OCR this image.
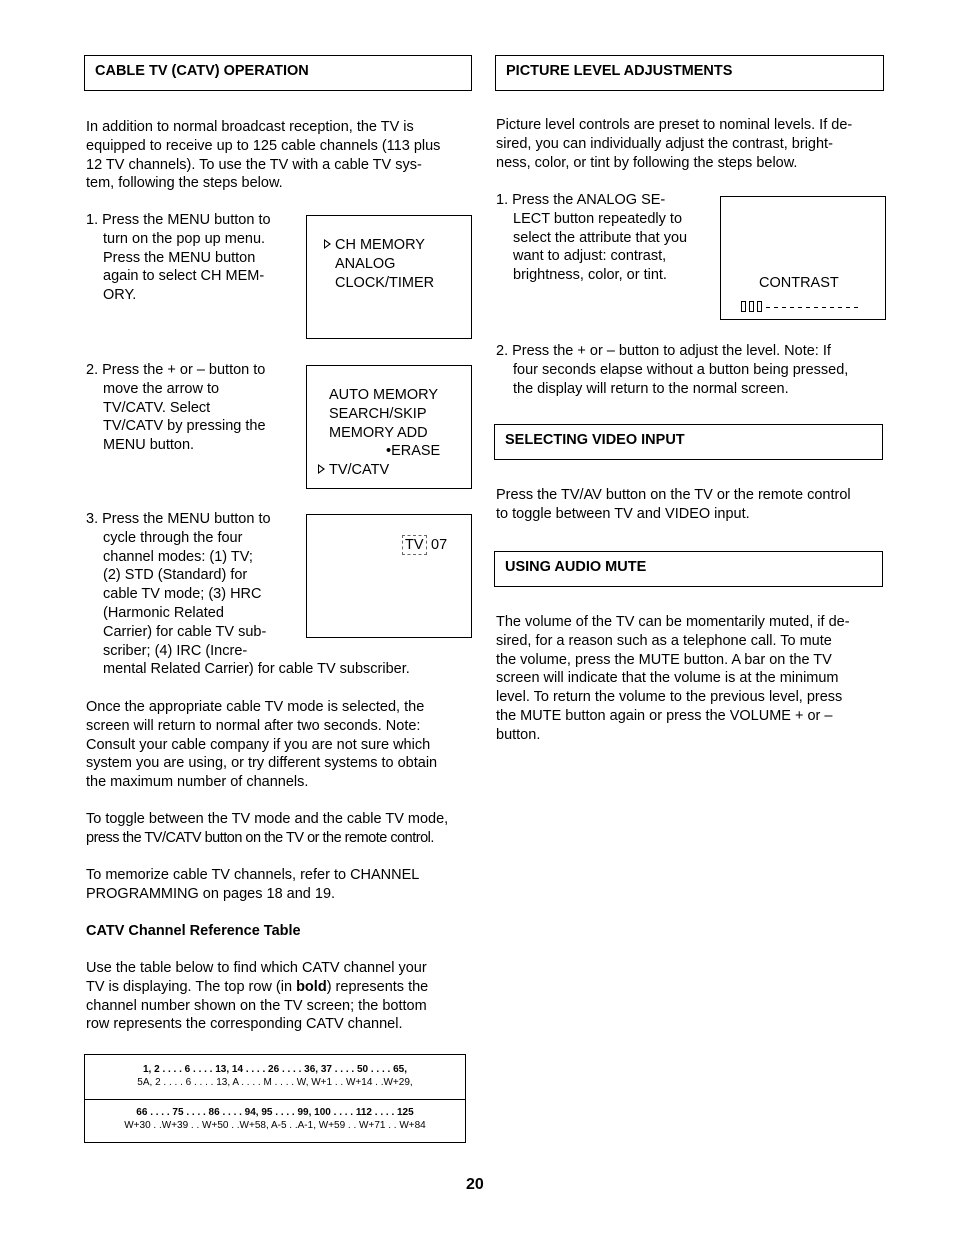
CABLE TV (CATV) OPERATION
In addition to normal broadcast reception, the TV is
equipped to receive up to 125 cable channels (113 plus
12 TV channels). To use the TV with a cable TV sys-
tem, following the steps below.
1. Press the MENU button to
turn on the pop up menu.
Press the MENU button
again to select CH MEM-
ORY.
CH MEMORY
ANALOG
CLOCK/TIMER
2. Press the + or – button to
move the arrow to
TV/CATV. Select
TV/CATV by pressing the
MENU button.
AUTO MEMORY
SEARCH/SKIP
MEMORY ADD
•ERASE
TV/CATV
3. Press the MENU button to
cycle through the four
channel modes: (1) TV;
(2) STD (Standard) for
cable TV mode; (3) HRC
(Harmonic Related
Carrier) for cable TV sub-
scriber; (4) IRC (Incre-
mental Related Carrier) for cable TV subscriber.
TV 07
Once the appropriate cable TV mode is selected, the
screen will return to normal after two seconds. Note:
Consult your cable company if you are not sure which
system you are using, or try different systems to obtain
the maximum number of channels.
To toggle between the TV mode and the cable TV mode,
press the TV/CATV button on the TV or the remote control.
To memorize cable TV channels, refer to CHANNEL
PROGRAMMING on pages 18 and 19.
CATV Channel Reference Table
Use the table below to find which CATV channel your
TV is displaying. The top row (in bold) represents the
channel number shown on the TV screen; the bottom
row represents the corresponding CATV channel.
1, 2 . . . . 6 . . . . 13, 14 . . . . 26 . . . . 36, 37 . . . . 50 . . . . 65,
5A, 2 . . . . 6 . . . . 13, A . . . . M . . . . W, W+1 . . W+14 . .W+29,
66 . . . . 75 . . . . 86 . . . . 94, 95 . . . . 99, 100 . . . . 112 . . . . 125
W+30 . .W+39 . . W+50 . .W+58, A-5 . .A-1, W+59 . . W+71 . . W+84
PICTURE LEVEL ADJUSTMENTS
Picture level controls are preset to nominal levels. If de-
sired, you can individually adjust the contrast, bright-
ness, color, or tint by following the steps below.
1. Press the ANALOG SE-
LECT button repeatedly to
select the attribute that you
want to adjust: contrast,
brightness, color, or tint.	CONTRAST
2. Press the + or – button to adjust the level. Note: If
four seconds elapse without a button being pressed,
the display will return to the normal screen.
SELECTING VIDEO INPUT
Press the TV/AV button on the TV or the remote control
to toggle between TV and VIDEO input.
USING AUDIO MUTE
The volume of the TV can be momentarily muted, if de-
sired, for a reason such as a telephone call. To mute
the volume, press the MUTE button. A bar on the TV
screen will indicate that the volume is at the minimum
level. To return the volume to the previous level, press
the MUTE button again or press the VOLUME + or –
button.
20
